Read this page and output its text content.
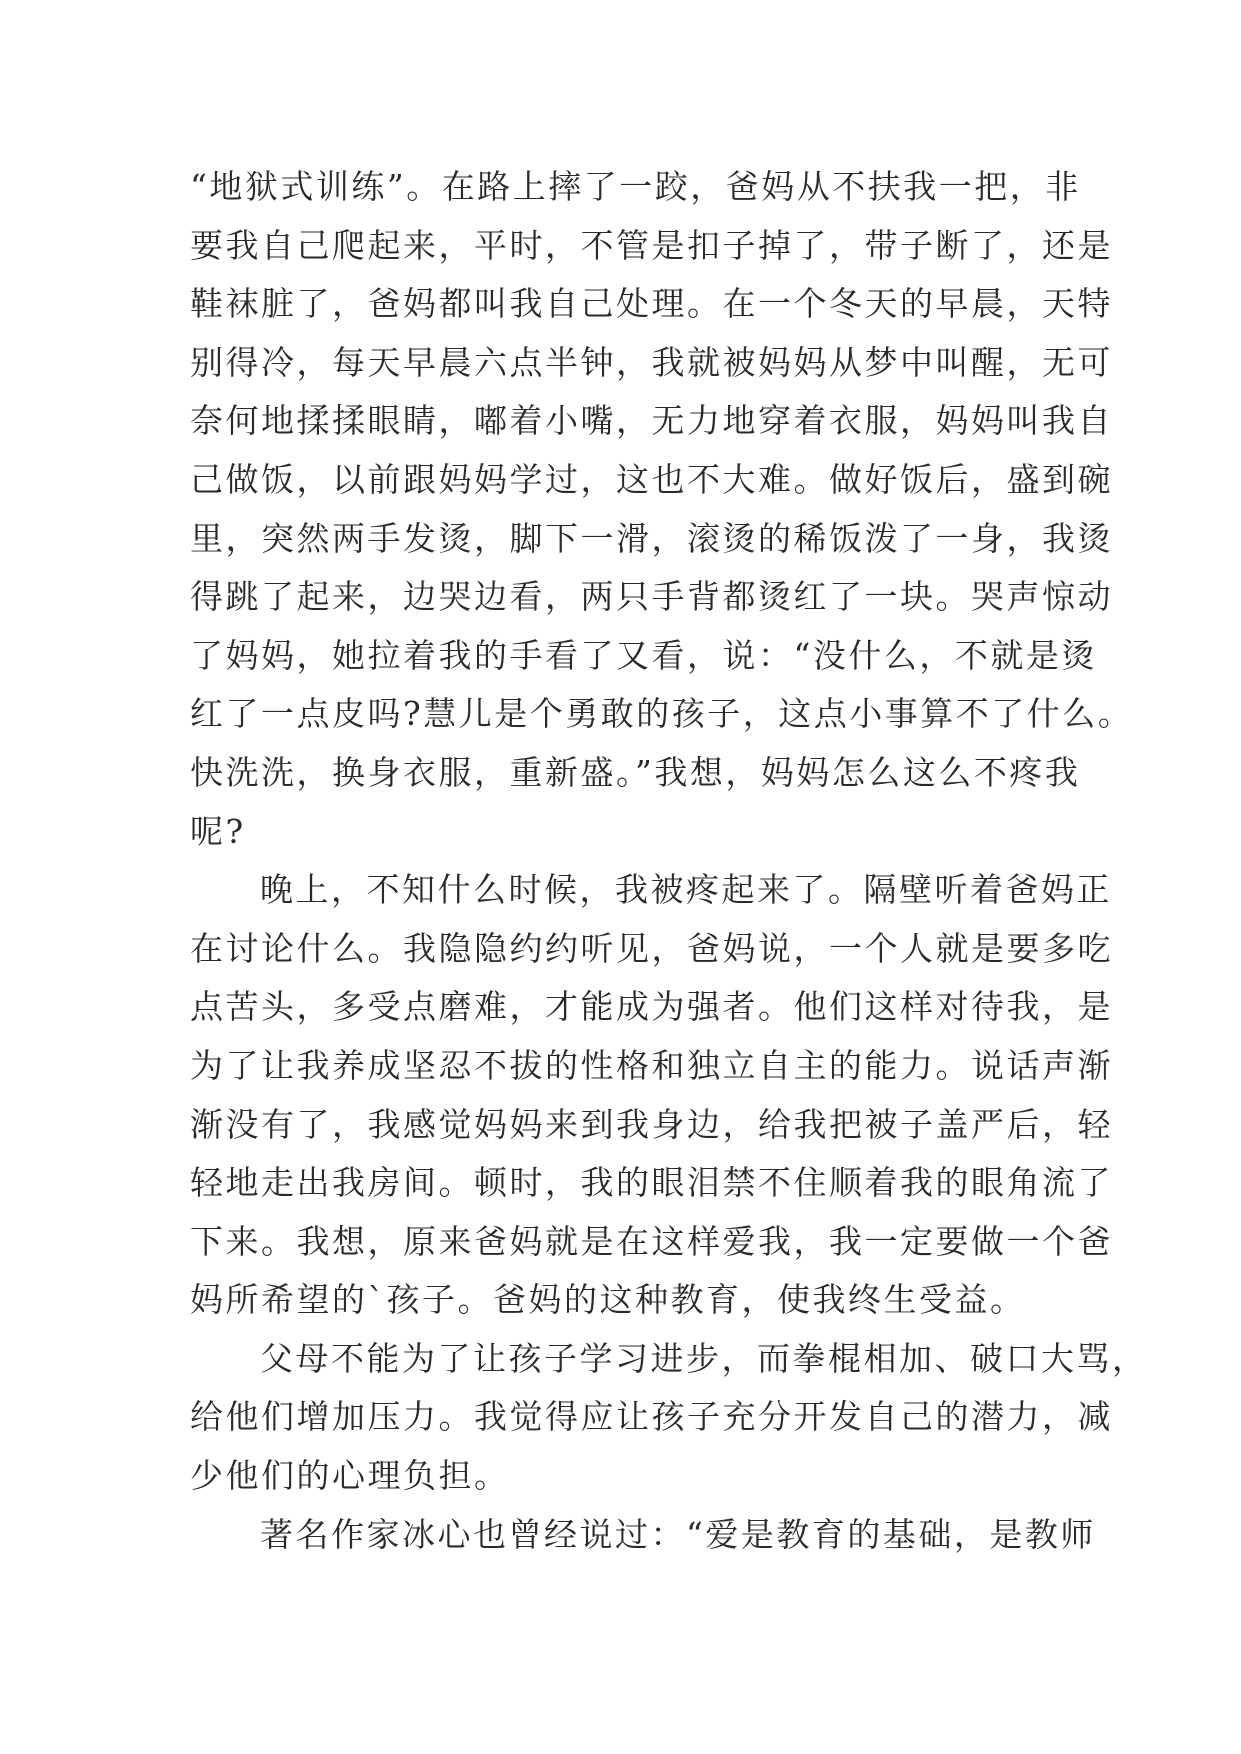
“地狱式训练”。在路上摔了一跤，爸妈从不扶我一把，非
要我自己爬起来，平时，不管是扣子掉了，带子断了，还是
鞋袜脏了，爸妈都叫我自己处理。在一个冬天的早晨，天特
别得冷，每天早晨六点半钟，我就被妈妈从梦中叫醒，无可
奈何地揉揉眼睛，嘟着小嘴，无力地穿着衣服，妈妈叫我自
己做饭，以前跟妈妈学过，这也不大难。做好饭后，盛到碗
里，突然两手发烫，脚下一滑，滚烫的稀饭泼了一身，我烫
得跳了起来，边哭边看，两只手背都烫红了一块。哭声惊动
了妈妈，她拉着我的手看了又看，说：“没什么，不就是烫
红了一点皮吗?慧儿是个勇敢的孩子，这点小事算不了什么。
快洗洗，换身衣服，重新盛。”我想，妈妈怎么这么不疼我
呢?
晚上，不知什么时候，我被疼起来了。隔壁听着爸妈正
在讨论什么。我隐隐约约听见，爸妈说，一个人就是要多吃
点苦头，多受点磨难，才能成为强者。他们这样对待我，是
为了让我养成坚忍不拔的性格和独立自主的能力。说话声渐
渐没有了，我感觉妈妈来到我身边，给我把被子盖严后，轻
轻地走出我房间。顿时，我的眼泪禁不住顺着我的眼角流了
下来。我想，原来爸妈就是在这样爱我，我一定要做一个爸
妈所希望的`孩子。爸妈的这种教育，使我终生受益。
父母不能为了让孩子学习进步，而拳棍相加、破口大骂，
给他们增加压力。我觉得应让孩子充分开发自己的潜力，减
少他们的心理负担。
著名作家冰心也曾经说过：“爱是教育的基础，是教师
